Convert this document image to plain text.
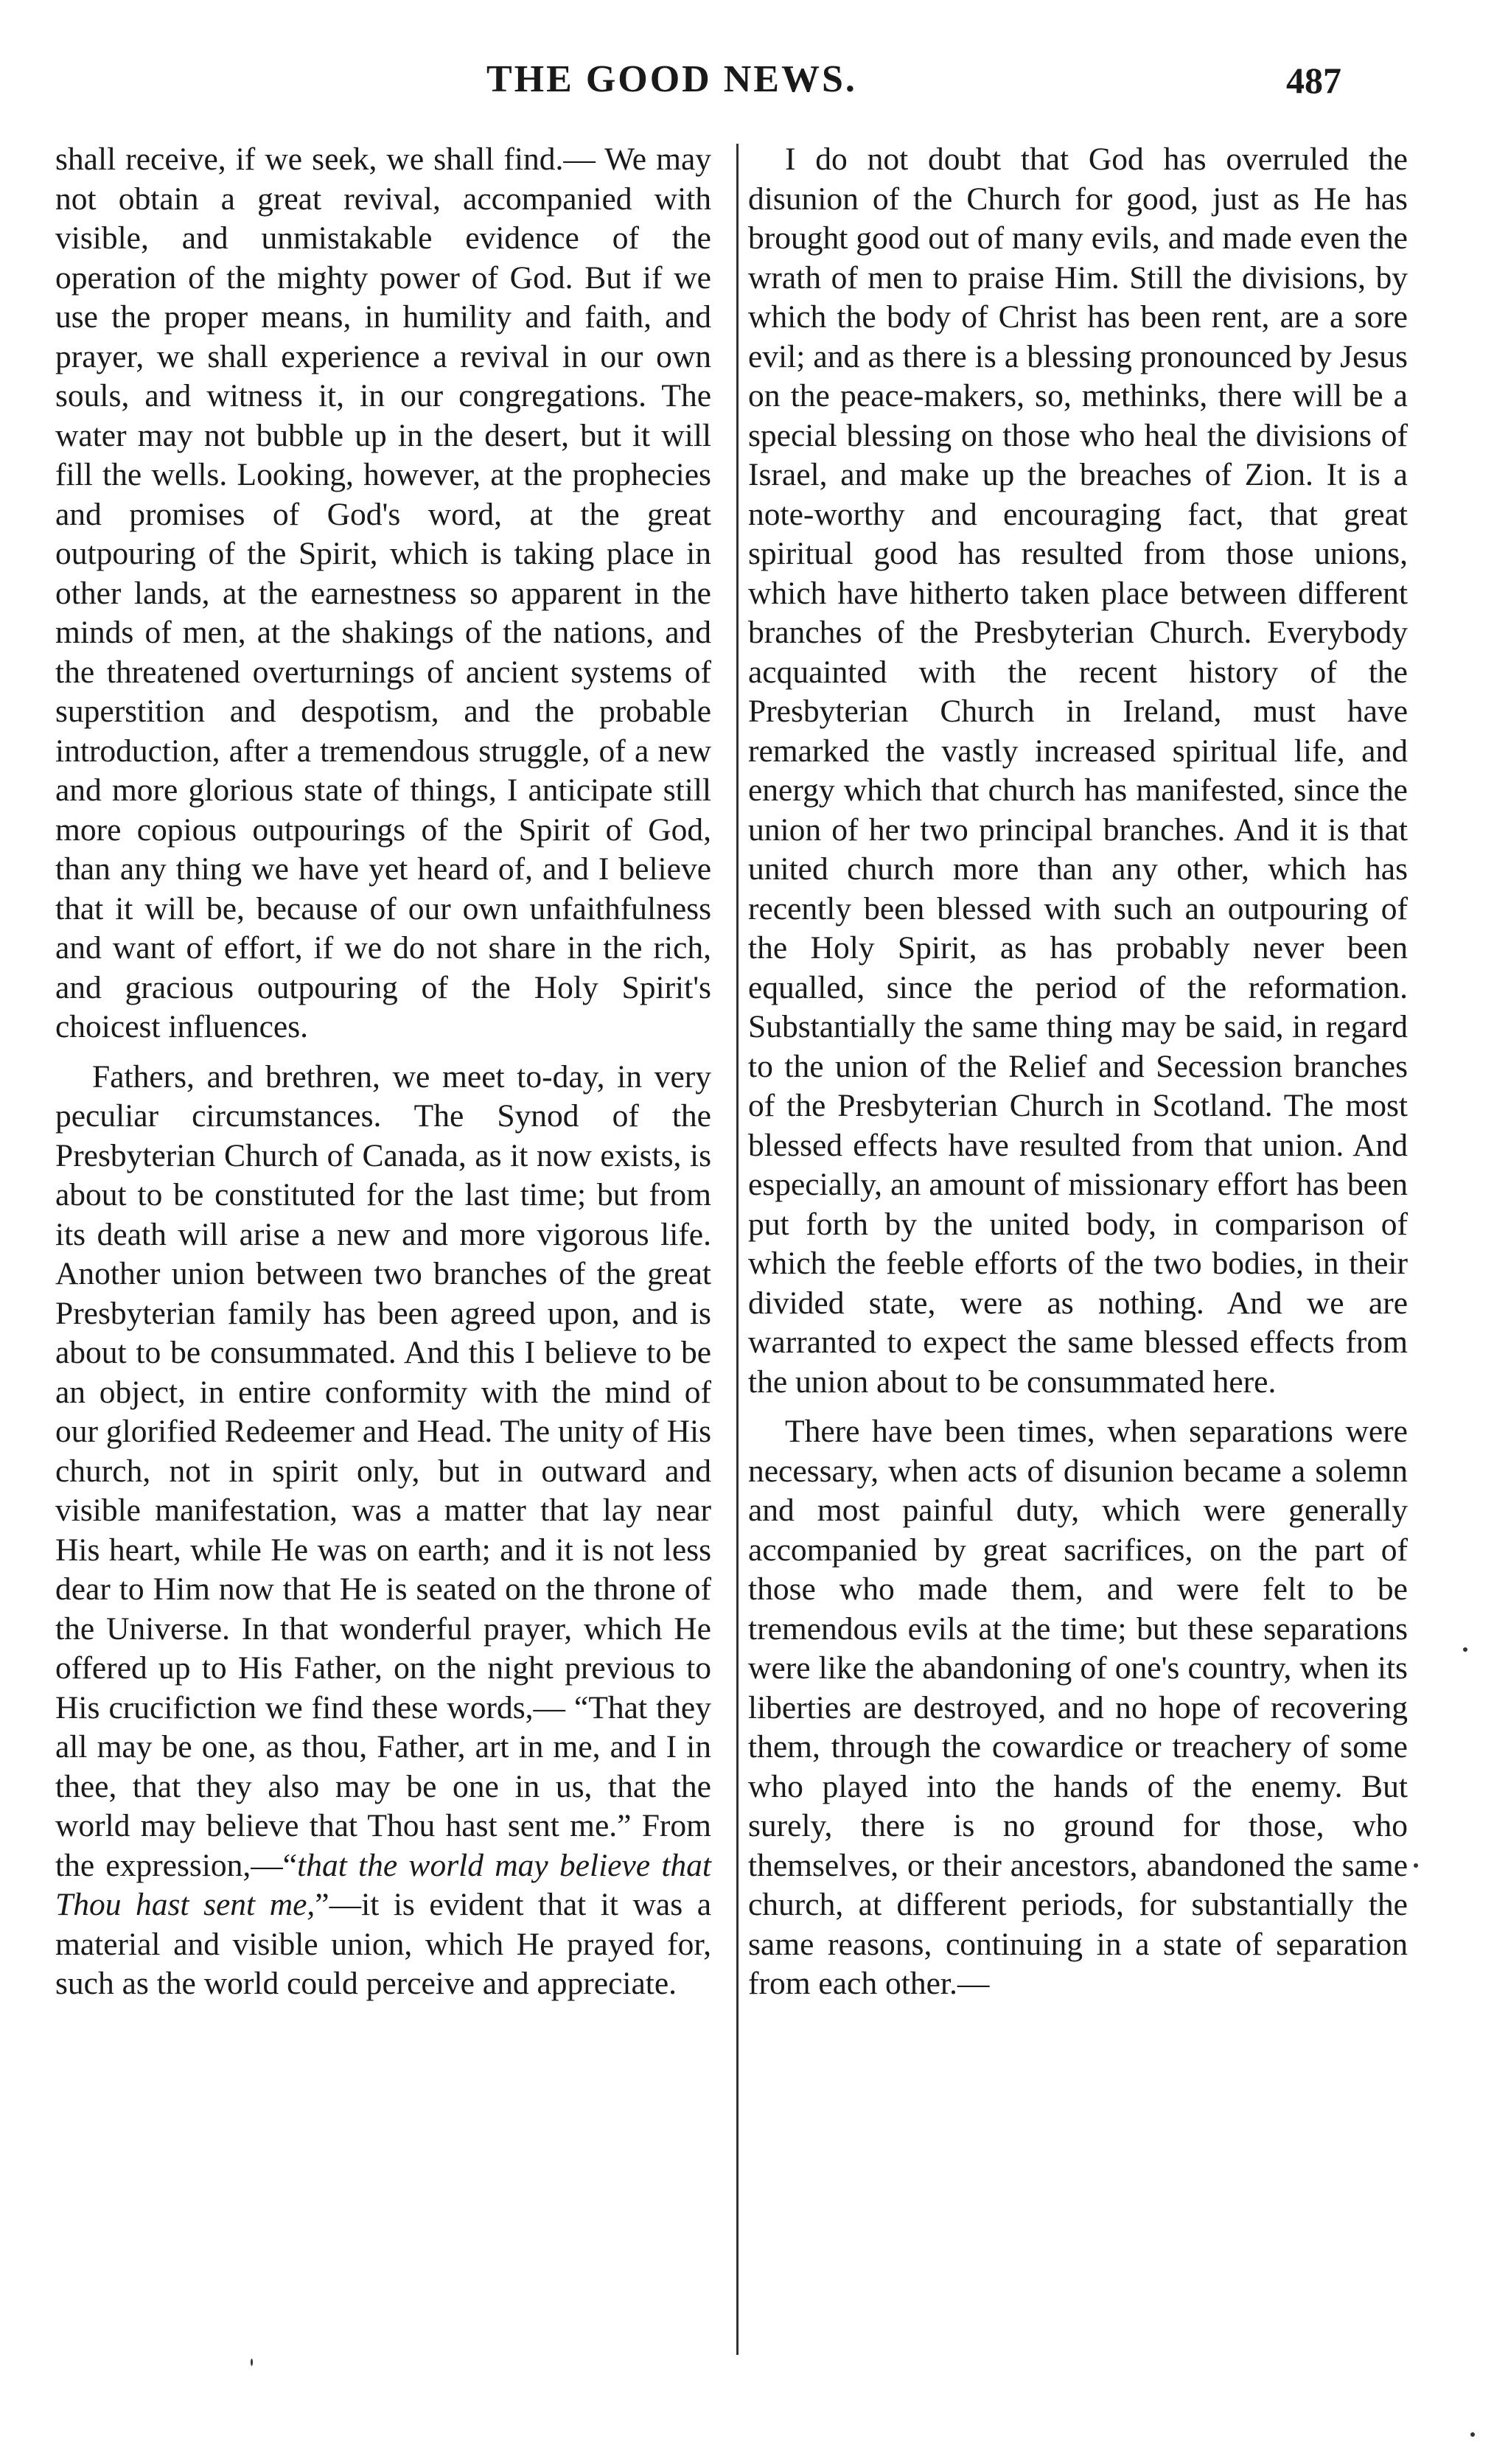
THE GOOD NEWS.	487

shall receive, if we seek, we shall find.— We may not obtain a great revival, accompanied with visible, and unmistakable evidence of the operation of the mighty power of God. But if we use the proper means, in humility and faith, and prayer, we shall experience a revival in our own souls, and witness it, in our congregations. The water may not bubble up in the desert, but it will fill the wells. Looking, however, at the prophecies and promises of God's word, at the great outpouring of the Spirit, which is taking place in other lands, at the earnestness so apparent in the minds of men, at the shakings of the nations, and the threatened overturnings of ancient systems of superstition and despotism, and the probable introduction, after a tremendous struggle, of a new and more glorious state of things, I anticipate still more copious outpourings of the Spirit of God, than any thing we have yet heard of, and I believe that it will be, because of our own unfaithfulness and want of effort, if we do not share in the rich, and gracious outpouring of the Holy Spirit's choicest influences.

Fathers, and brethren, we meet to-day, in very peculiar circumstances. The Synod of the Presbyterian Church of Canada, as it now exists, is about to be constituted for the last time; but from its death will arise a new and more vigorous life. Another union between two branches of the great Presbyterian family has been agreed upon, and is about to be consummated. And this I believe to be an object, in entire conformity with the mind of our glorified Redeemer and Head. The unity of His church, not in spirit only, but in outward and visible manifestation, was a matter that lay near His heart, while He was on earth; and it is not less dear to Him now that He is seated on the throne of the Universe. In that wonderful prayer, which He offered up to His Father, on the night previous to His crucifiction we find these words,— “That they all may be one, as thou, Father, art in me, and I in thee, that they also may be one in us, that the world may believe that Thou hast sent me.” From the expression,—“that the world may believe that Thou hast sent me,”—it is evident that it was a material and visible union, which He prayed for, such as the world could perceive and appreciate.

I do not doubt that God has overruled the disunion of the Church for good, just as He has brought good out of many evils, and made even the wrath of men to praise Him. Still the divisions, by which the body of Christ has been rent, are a sore evil; and as there is a blessing pronounced by Jesus on the peace-makers, so, methinks, there will be a special blessing on those who heal the divisions of Israel, and make up the breaches of Zion. It is a note-worthy and encouraging fact, that great spiritual good has resulted from those unions, which have hitherto taken place between different branches of the Presbyterian Church. Everybody acquainted with the recent history of the Presbyterian Church in Ireland, must have remarked the vastly increased spiritual life, and energy which that church has manifested, since the union of her two principal branches. And it is that united church more than any other, which has recently been blessed with such an outpouring of the Holy Spirit, as has probably never been equalled, since the period of the reformation. Substantially the same thing may be said, in regard to the union of the Relief and Secession branches of the Presbyterian Church in Scotland. The most blessed effects have resulted from that union. And especially, an amount of missionary effort has been put forth by the united body, in comparison of which the feeble efforts of the two bodies, in their divided state, were as nothing. And we are warranted to expect the same blessed effects from the union about to be consummated here.

There have been times, when separations were necessary, when acts of disunion became a solemn and most painful duty, which were generally accompanied by great sacrifices, on the part of those who made them, and were felt to be tremendous evils at the time; but these separations were like the abandoning of one's country, when its liberties are destroyed, and no hope of recovering them, through the cowardice or treachery of some who played into the hands of the enemy. But surely, there is no ground for those, who themselves, or their ancestors, abandoned the same church, at different periods, for substantially the same reasons, continuing in a state of separation from each other.—
